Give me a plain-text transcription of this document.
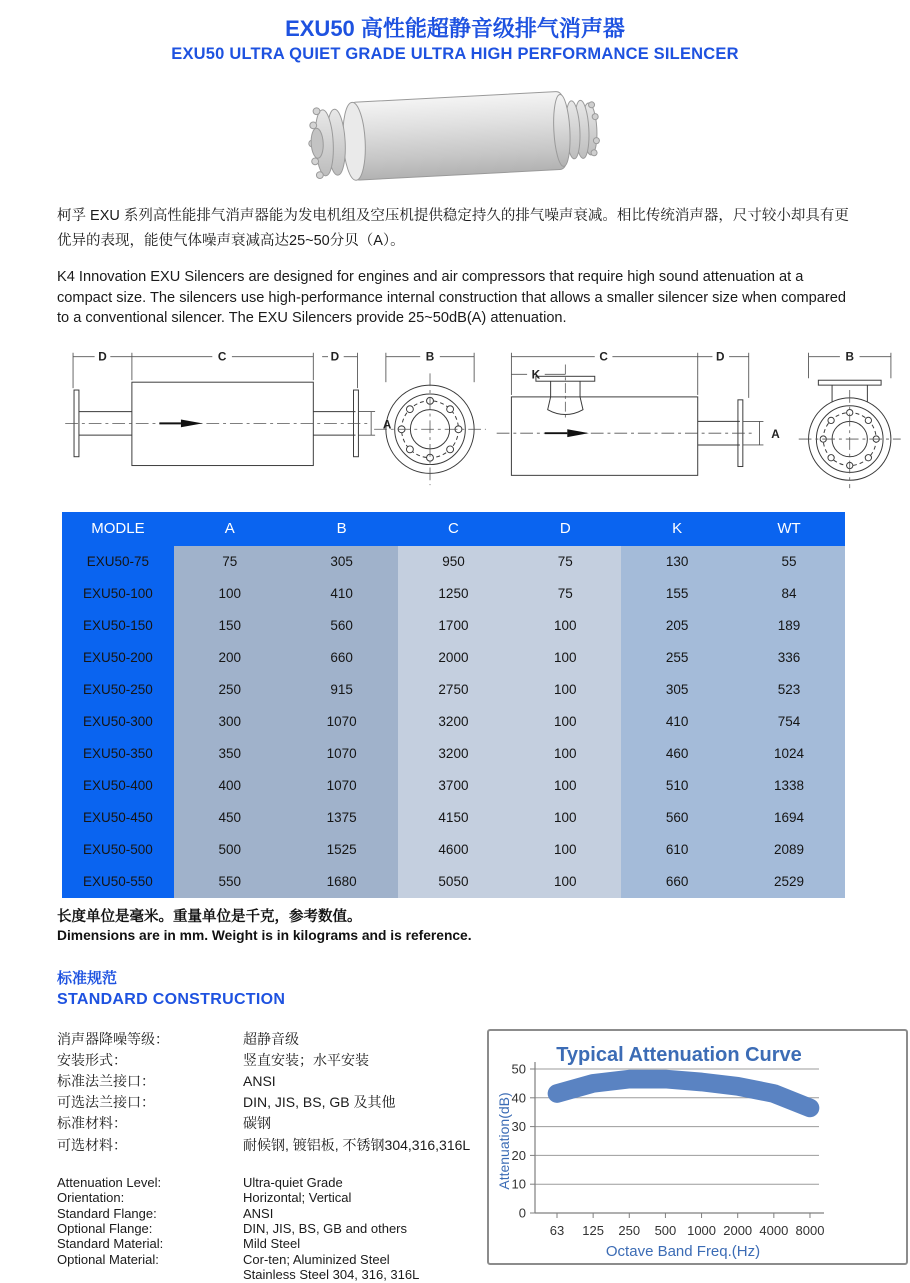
EXU50 高性能超静音级排气消声器
EXU50 ULTRA QUIET GRADE ULTRA HIGH PERFORMANCE SILENCER

柯孚 EXU 系列高性能排气消声器能为发电机组及空压机提供稳定持久的排气噪声衰减。相比传统消声器，尺寸较小却具有更优异的表现，能使气体噪声衰减高达25~50分贝（A）。

K4 Innovation EXU Silencers are designed for engines and air compressors that require high sound attenuation at a compact size. The silencers use high-performance internal construction that allows a smaller silencer size when compared to a conventional silencer. The EXU Silencers provide 25~50dB(A) attenuation.

D	C	D
A
B	C	D
K
A
B
MODLE	A	B	C	D	K	WT
EXU50-75	75	305	950	75	130	55
EXU50-100	100	410	1250	75	155	84
EXU50-150	150	560	1700	100	205	189
EXU50-200	200	660	2000	100	255	336
EXU50-250	250	915	2750	100	305	523
EXU50-300	300	1070	3200	100	410	754
EXU50-350	350	1070	3200	100	460	1024
EXU50-400	400	1070	3700	100	510	1338
EXU50-450	450	1375	4150	100	560	1694
EXU50-500	500	1525	4600	100	610	2089
EXU50-550	550	1680	5050	100	660	2529

长度单位是毫米。重量单位是千克，参考数值。

Dimensions are in mm. Weight is in kilograms and is reference.

标准规范
STANDARD CONSTRUCTION
消声器降噪等级：	超静音级
安装形式：	竖直安装；水平安装
标准法兰接口：	ANSI
可选法兰接口：	DIN, JIS, BS, GB 及其他
标准材料：	碳钢
可选材料：	耐候钢, 镀铝板, 不锈钢304,316,316L
Attenuation Level:	Ultra-quiet Grade
Orientation:	Horizontal; Vertical
Standard Flange:	ANSI
Optional Flange:	DIN, JIS, BS, GB and others
Standard Material:	Mild Steel
Optional Material:	Cor-ten; Aluminized Steel
Stainless Steel 304, 316, 316L
0
10
20
30
40
50
63 125 250 500 1000 2000 4000 8000
Typical Attenuation Curve
Attenuation(dB)
Octave Band Freq.(Hz)
